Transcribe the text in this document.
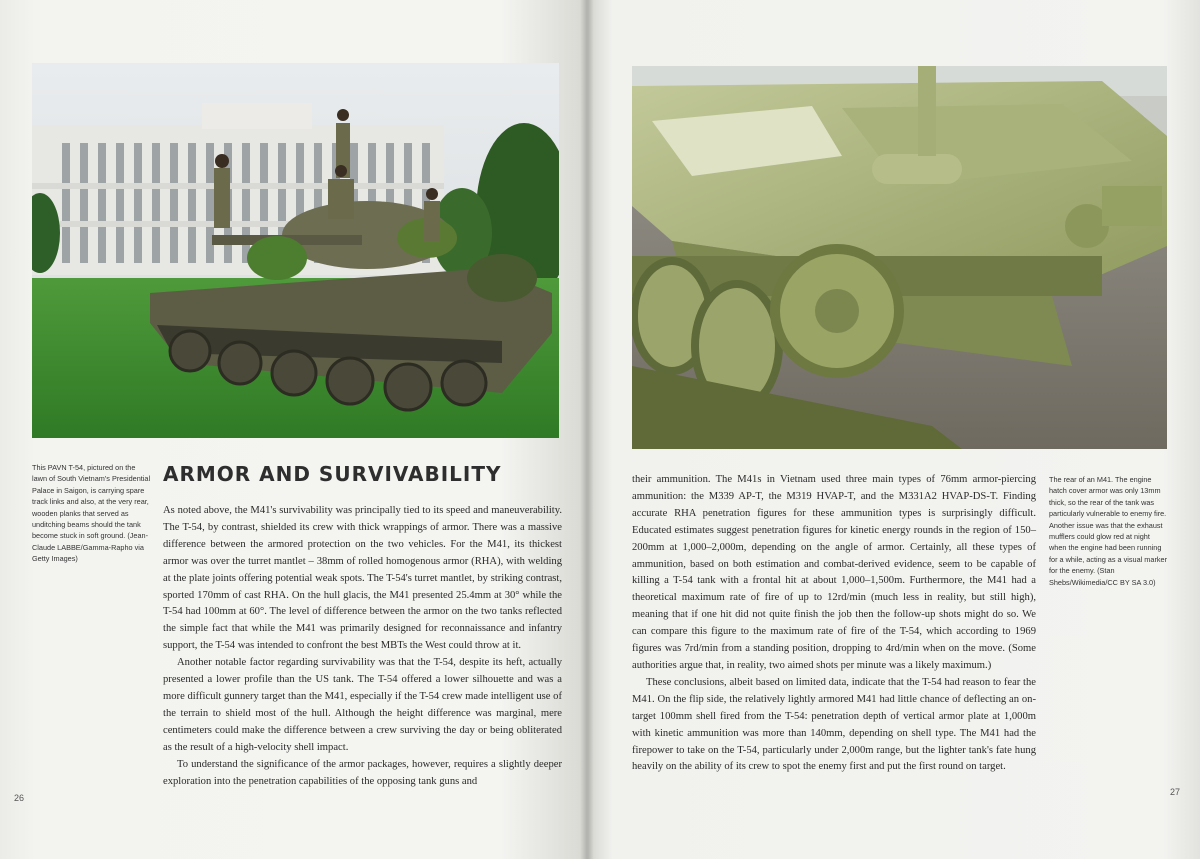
This PAVN T-54, pictured on the lawn of South Vietnam's Presidential Palace in Saigon, is carrying spare track links and also, at the very rear, wooden planks that served as unditching beams should the tank become stuck in soft ground. (Jean-Claude LABBE/Gamma-Rapho via Getty Images)

ARMOR AND SURVIVABILITY

As noted above, the M41's survivability was principally tied to its speed and maneuverability. The T-54, by contrast, shielded its crew with thick wrappings of armor. There was a massive difference between the armored protection on the two vehicles. For the M41, its thickest armor was over the turret mantlet – 38mm of rolled homogenous armor (RHA), with welding at the plate joints offering potential weak spots. The T-54's turret mantlet, by striking contrast, sported 170mm of cast RHA. On the hull glacis, the M41 presented 25.4mm at 30° while the T-54 had 100mm at 60°. The level of difference between the armor on the two tanks reflected the simple fact that while the M41 was primarily designed for reconnaissance and infantry support, the T-54 was intended to confront the best MBTs the West could throw at it.

Another notable factor regarding survivability was that the T-54, despite its heft, actually presented a lower profile than the US tank. The T-54 offered a lower silhouette and was a more difficult gunnery target than the M41, especially if the T-54 crew made intelligent use of the terrain to shield most of the hull. Although the height difference was marginal, mere centimeters could make the difference between a crew surviving the day or being obliterated as the result of a high-velocity shell impact.

To understand the significance of the armor packages, however, requires a slightly deeper exploration into the penetration capabilities of the opposing tank guns and

26

their ammunition. The M41s in Vietnam used three main types of 76mm armor-piercing ammunition: the M339 AP-T, the M319 HVAP-T, and the M331A2 HVAP-DS-T. Finding accurate RHA penetration figures for these ammunition types is surprisingly difficult. Educated estimates suggest penetration figures for kinetic energy rounds in the region of 150–200mm at 1,000–2,000m, depending on the angle of armor. Certainly, all these types of ammunition, based on both estimation and combat-derived evidence, seem to be capable of killing a T-54 tank with a frontal hit at about 1,000–1,500m. Furthermore, the M41 had a theoretical maximum rate of fire of up to 12rd/min (much less in reality, but still high), meaning that if one hit did not quite finish the job then the follow-up shots might do so. We can compare this figure to the maximum rate of fire of the T-54, which according to 1969 figures was 7rd/min from a standing position, dropping to 4rd/min when on the move. (Some authorities argue that, in reality, two aimed shots per minute was a likely maximum.)

These conclusions, albeit based on limited data, indicate that the T-54 had reason to fear the M41. On the flip side, the relatively lightly armored M41 had little chance of deflecting an on-target 100mm shell fired from the T-54: penetration depth of vertical armor plate at 1,000m with kinetic ammunition was more than 140mm, depending on shell type. The M41 had the firepower to take on the T-54, particularly under 2,000m range, but the lighter tank's fate hung heavily on the ability of its crew to spot the enemy first and put the first round on target.

The rear of an M41. The engine hatch cover armor was only 13mm thick, so the rear of the tank was particularly vulnerable to enemy fire. Another issue was that the exhaust mufflers could glow red at night when the engine had been running for a while, acting as a visual marker for the enemy. (Stan Shebs/Wikimedia/CC BY SA 3.0)

27
